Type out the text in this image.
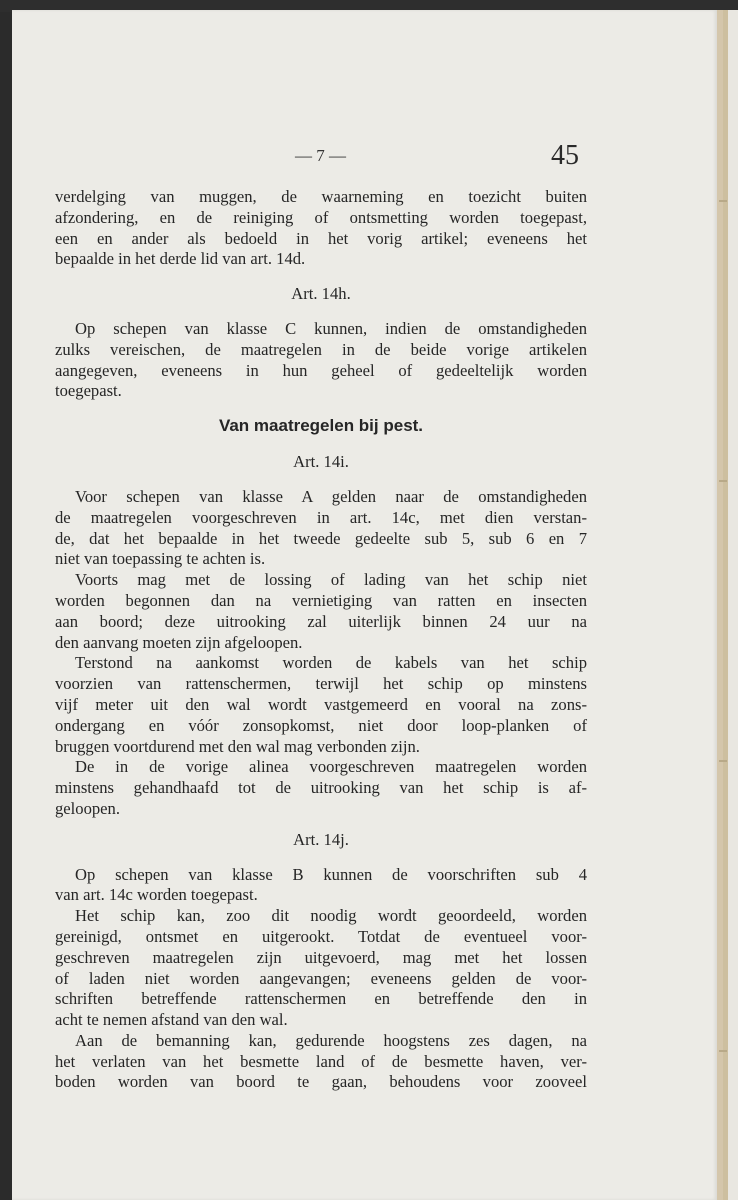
— 7 —	45
verdelging van muggen, de waarneming en toezicht buiten
afzondering, en de reiniging of ontsmetting worden toegepast,
een en ander als bedoeld in het vorig artikel; eveneens het
bepaalde in het derde lid van art. 14d.
Art. 14h.
Op schepen van klasse C kunnen, indien de omstandigheden
zulks vereischen, de maatregelen in de beide vorige artikelen
aangegeven, eveneens in hun geheel of gedeeltelijk worden
toegepast.
Van maatregelen bij pest.
Art. 14i.
Voor schepen van klasse A gelden naar de omstandigheden
de maatregelen voorgeschreven in art. 14c, met dien verstan-
de, dat het bepaalde in het tweede gedeelte sub 5, sub 6 en 7
niet van toepassing te achten is.
Voorts mag met de lossing of lading van het schip niet
worden begonnen dan na vernietiging van ratten en insecten
aan boord; deze uitrooking zal uiterlijk binnen 24 uur na
den aanvang moeten zijn afgeloopen.
Terstond na aankomst worden de kabels van het schip
voorzien van rattenschermen, terwijl het schip op minstens
vijf meter uit den wal wordt vastgemeerd en vooral na zons-
ondergang en vóór zonsopkomst, niet door loop-planken of
bruggen voortdurend met den wal mag verbonden zijn.
De in de vorige alinea voorgeschreven maatregelen worden
minstens gehandhaafd tot de uitrooking van het schip is af-
geloopen.
Art. 14j.
Op schepen van klasse B kunnen de voorschriften sub 4
van art. 14c worden toegepast.
Het schip kan, zoo dit noodig wordt geoordeeld, worden
gereinigd, ontsmet en uitgerookt. Totdat de eventueel voor-
geschreven maatregelen zijn uitgevoerd, mag met het lossen
of laden niet worden aangevangen; eveneens gelden de voor-
schriften betreffende rattenschermen en betreffende den in
acht te nemen afstand van den wal.
Aan de bemanning kan, gedurende hoogstens zes dagen, na
het verlaten van het besmette land of de besmette haven, ver-
boden worden van boord te gaan, behoudens voor zooveel
